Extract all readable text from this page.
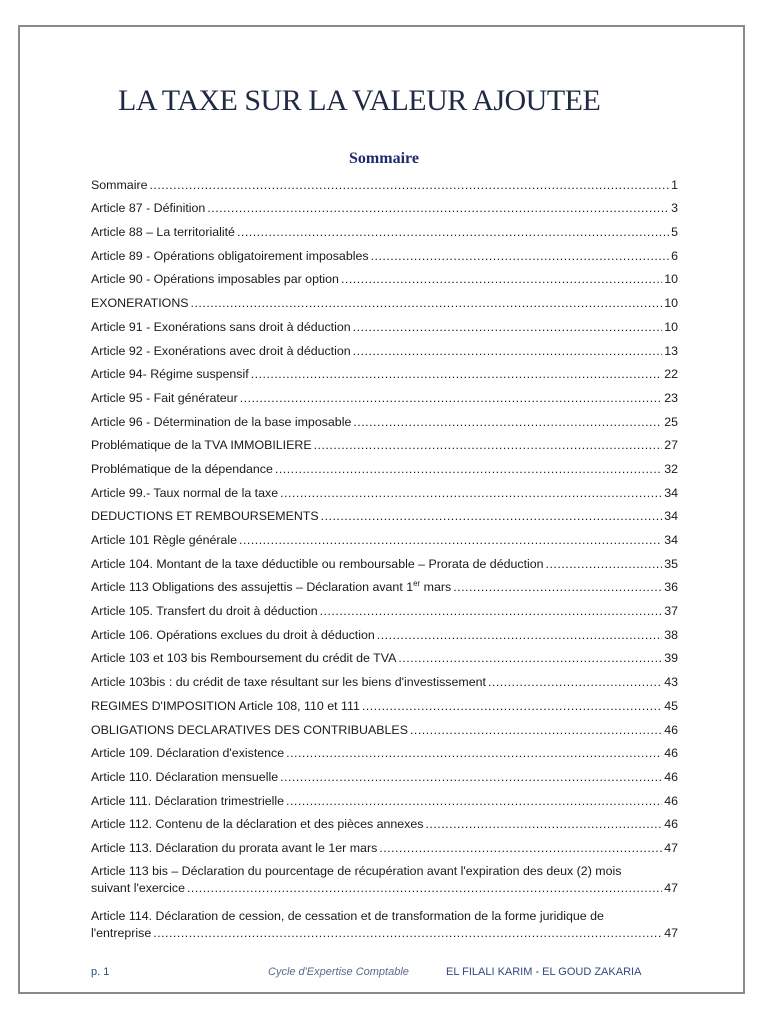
LA TAXE SUR LA VALEUR AJOUTEE
Sommaire
Sommaire .....	1
Article 87 - Définition .....	3
Article 88 – La territorialité .....	5
Article 89 - Opérations obligatoirement imposables .....	6
Article 90 - Opérations imposables par option .....	10
EXONERATIONS .....	10
Article 91 - Exonérations sans droit à déduction .....	10
Article 92 - Exonérations avec droit à déduction .....	13
Article 94- Régime suspensif .....	22
Article 95 - Fait générateur .....	23
Article 96 - Détermination de la base imposable .....	25
Problématique de la TVA IMMOBILIERE .....	27
Problématique de la dépendance .....	32
Article 99.- Taux normal de la taxe .....	34
DEDUCTIONS ET REMBOURSEMENTS .....	34
Article 101 Règle générale .....	34
Article 104. Montant de la taxe déductible ou remboursable – Prorata de déduction .....	35
Article 113 Obligations des assujettis – Déclaration avant 1er mars .....	36
Article 105. Transfert du droit à déduction .....	37
Article 106. Opérations exclues du droit à déduction .....	38
Article 103 et 103 bis Remboursement du crédit de TVA .....	39
Article 103bis : du crédit de taxe résultant sur les biens d'investissement .....	43
REGIMES D'IMPOSITION Article 108, 110 et 111 .....	45
OBLIGATIONS DECLARATIVES DES CONTRIBUABLES .....	46
Article 109. Déclaration d'existence .....	46
Article 110. Déclaration mensuelle .....	46
Article 111. Déclaration trimestrielle .....	46
Article 112. Contenu de la déclaration et des pièces annexes .....	46
Article 113. Déclaration du prorata avant le 1er mars .....	47
Article 113 bis – Déclaration du pourcentage de récupération avant l'expiration des deux (2) mois
suivant l'exercice .....	47
Article 114. Déclaration de cession, de cessation et de transformation de la forme juridique de
l'entreprise .....	47
p. 1	Cycle d'Expertise Comptable	EL FILALI KARIM - EL GOUD ZAKARIA
